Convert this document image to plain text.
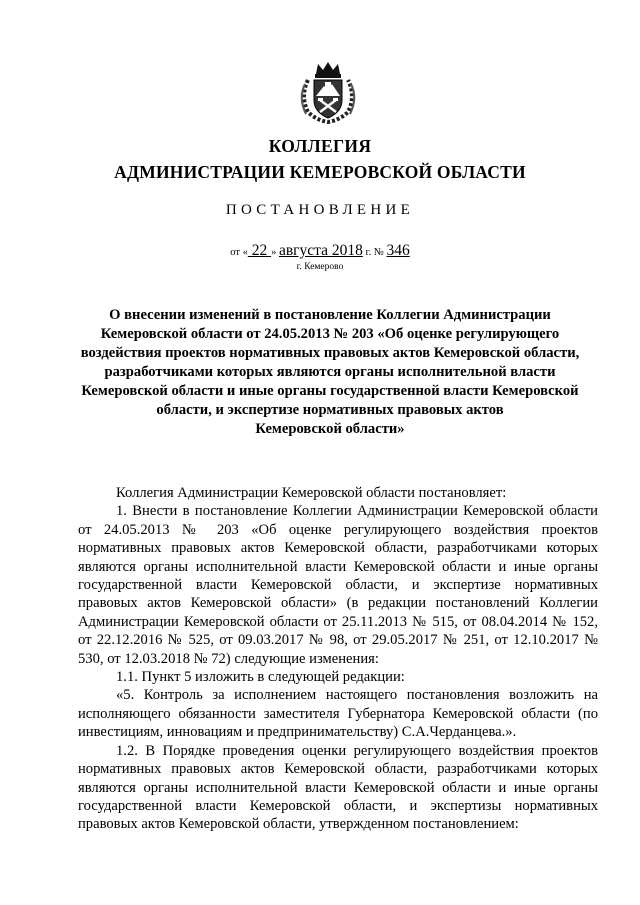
КОЛЛЕГИЯ
АДМИНИСТРАЦИИ КЕМЕРОВСКОЙ ОБЛАСТИ
ПОСТАНОВЛЕНИЕ
от « 22 » августа 2018 г. № 346
г. Кемерово
О внесении изменений в постановление Коллегии Администрации
Кемеровской области от 24.05.2013 № 203 «Об оценке регулирующего
воздействия проектов нормативных правовых актов Кемеровской области,
разработчиками которых являются органы исполнительной власти
Кемеровской области и иные органы государственной власти Кемеровской
области, и экспертизе нормативных правовых актов
Кемеровской области»

Коллегия Администрации Кемеровской области постановляет:

1. Внести в постановление Коллегии Администрации Кемеровской области от 24.05.2013 № 203 «Об оценке регулирующего воздействия проектов нормативных правовых актов Кемеровской области, разработчиками которых являются органы исполнительной власти Кемеровской области и иные органы государственной власти Кемеровской области, и экспертизе нормативных правовых актов Кемеровской области» (в редакции постановлений Коллегии Администрации Кемеровской области от 25.11.2013 № 515, от 08.04.2014 № 152, от 22.12.2016 № 525, от 09.03.2017 № 98, от 29.05.2017 № 251, от 12.10.2017 № 530, от 12.03.2018 № 72) следующие изменения:

1.1. Пункт 5 изложить в следующей редакции:

«5. Контроль за исполнением настоящего постановления возложить на исполняющего обязанности заместителя Губернатора Кемеровской области (по инвестициям, инновациям и предпринимательству) С.А.Черданцева.».

1.2. В Порядке проведения оценки регулирующего воздействия проектов нормативных правовых актов Кемеровской области, разработчиками которых являются органы исполнительной власти Кемеровской области и иные органы государственной власти Кемеровской области, и экспертизы нормативных правовых актов Кемеровской области, утвержденном постановлением:
